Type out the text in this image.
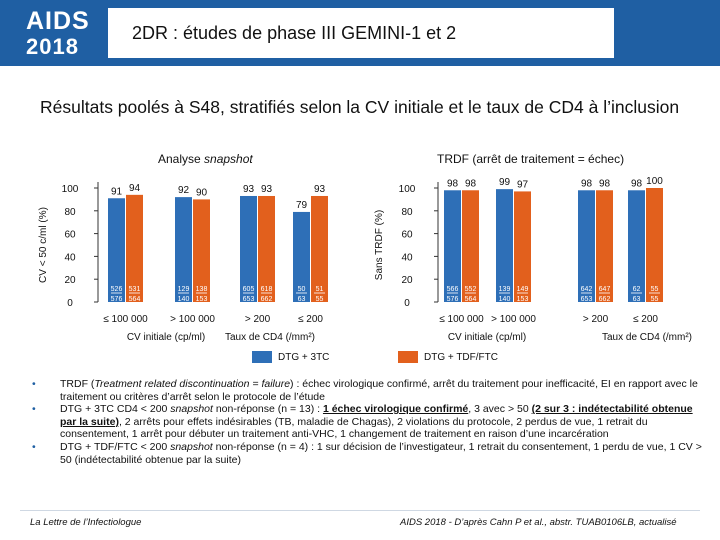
AIDS
2018
2DR : études de phase III GEMINI-1 et 2
Résultats poolés à S48, stratifiés selon la CV initiale et le taux de CD4 à l’inclusion
Analyse snapshot	TRDF (arrêt de traitement = échec)
0
20
40
60
80
100
CV < 50 c/ml (%)
91
526
576
94
531
564
≤ 100 000
92
129
140
90
138
153
> 100 000
93
605
653
93
618
662
> 200
79
50
63
93
51
55
≤ 200
CV initiale (cp/ml) Taux de CD4 (/mm²)
0
20
40
60
80
100
Sans TRDF (%)
98
566
576
98
552
564
≤ 100 000
99
139
140
97
149
153
> 100 000
98
642
653
98
647
662
> 200
98
62
63
100
55
55
≤ 200
CV initiale (cp/ml)	Taux de CD4 (/mm²)
DTG + 3TC	DTG + TDF/FTC
• TRDF (Treatment related discontinuation = failure) : échec virologique confirmé, arrêt du traitement pour inefficacité, EI en rapport avec le traitement ou critères d’arrêt selon le protocole de l’étude
• DTG + 3TC CD4 < 200 snapshot non-réponse (n = 13) : 1 échec virologique confirmé, 3 avec > 50 (2 sur 3 : indétectabilité obtenue par la suite), 2 arrêts pour effets indésirables (TB, maladie de Chagas), 2 violations du protocole, 2 perdus de vue, 1 retrait du consentement, 1 arrêt pour débuter un traitement anti-VHC, 1 changement de traitement en raison d’une incarcération
• DTG + TDF/FTC < 200 snapshot non-réponse (n = 4) : 1 sur décision de l’investigateur, 1 retrait du consentement, 1 perdu de vue, 1 CV > 50 (indétectabilité obtenue par la suite)
La Lettre de l’Infectiologue	AIDS 2018 - D’après Cahn P et al., abstr. TUAB0106LB, actualisé
